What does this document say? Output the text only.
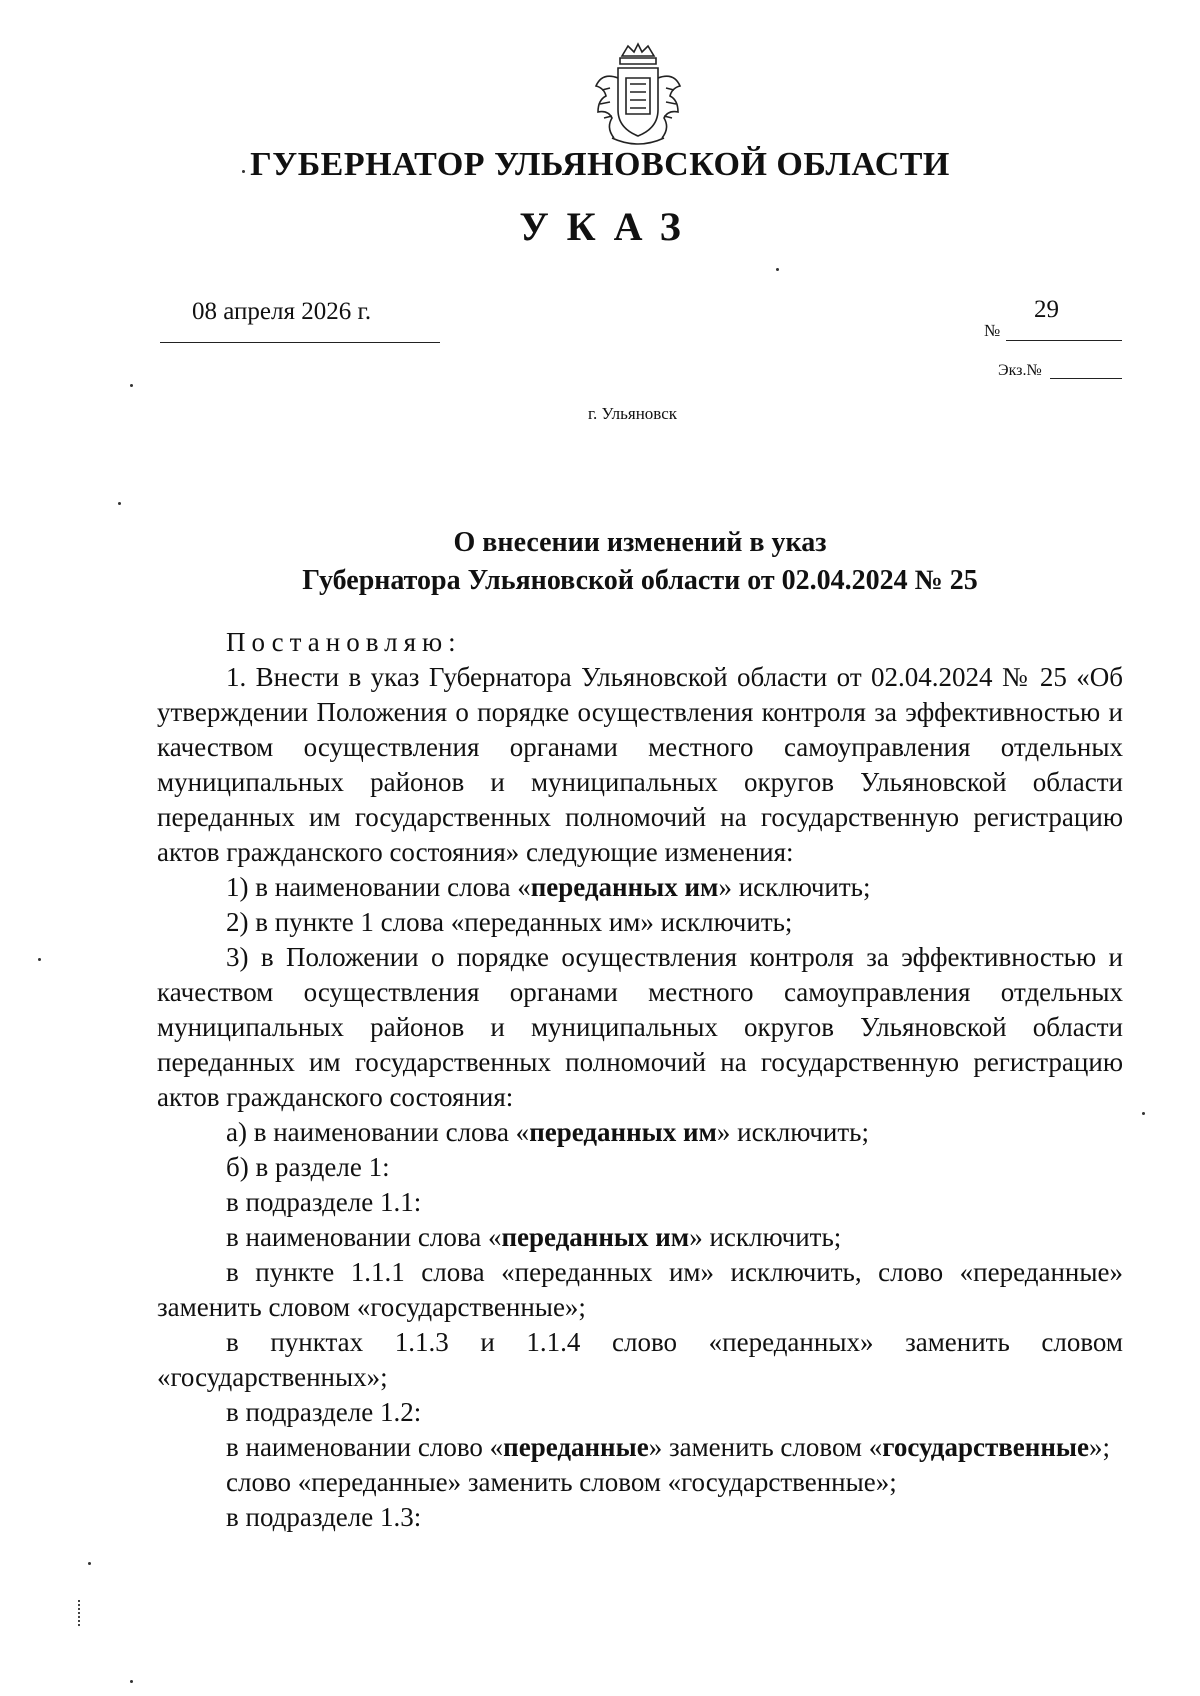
ГУБЕРНАТОР УЛЬЯНОВСКОЙ ОБЛАСТИ
УКАЗ
08 апреля 2026 г.	29
№
Экз.№
г. Ульяновск
О внесении изменений в указ
Губернатора Ульяновской области от 02.04.2024 № 25
Постановляю:
1. Внести в указ Губернатора Ульяновской области от 02.04.2024 № 25 «Об утверждении Положения о порядке осуществления контроля за эффективностью и качеством осуществления органами местного самоуправления отдельных муниципальных районов и муниципальных округов Ульяновской области переданных им государственных полномочий на государственную регистрацию актов гражданского состояния» следующие изменения:
1) в наименовании слова «переданных им» исключить;
2) в пункте 1 слова «переданных им» исключить;
3) в Положении о порядке осуществления контроля за эффективностью и качеством осуществления органами местного самоуправления отдельных муниципальных районов и муниципальных округов Ульяновской области переданных им государственных полномочий на государственную регистрацию актов гражданского состояния:
а) в наименовании слова «переданных им» исключить;
б) в разделе 1:
в подразделе 1.1:
в наименовании слова «переданных им» исключить;
в пункте 1.1.1 слова «переданных им» исключить, слово «переданные» заменить словом «государственные»;
в пунктах 1.1.3 и 1.1.4 слово «переданных» заменить словом «государственных»;
в подразделе 1.2:
в наименовании слово «переданные» заменить словом «государственные»;
слово «переданные» заменить словом «государственные»;
в подразделе 1.3:
